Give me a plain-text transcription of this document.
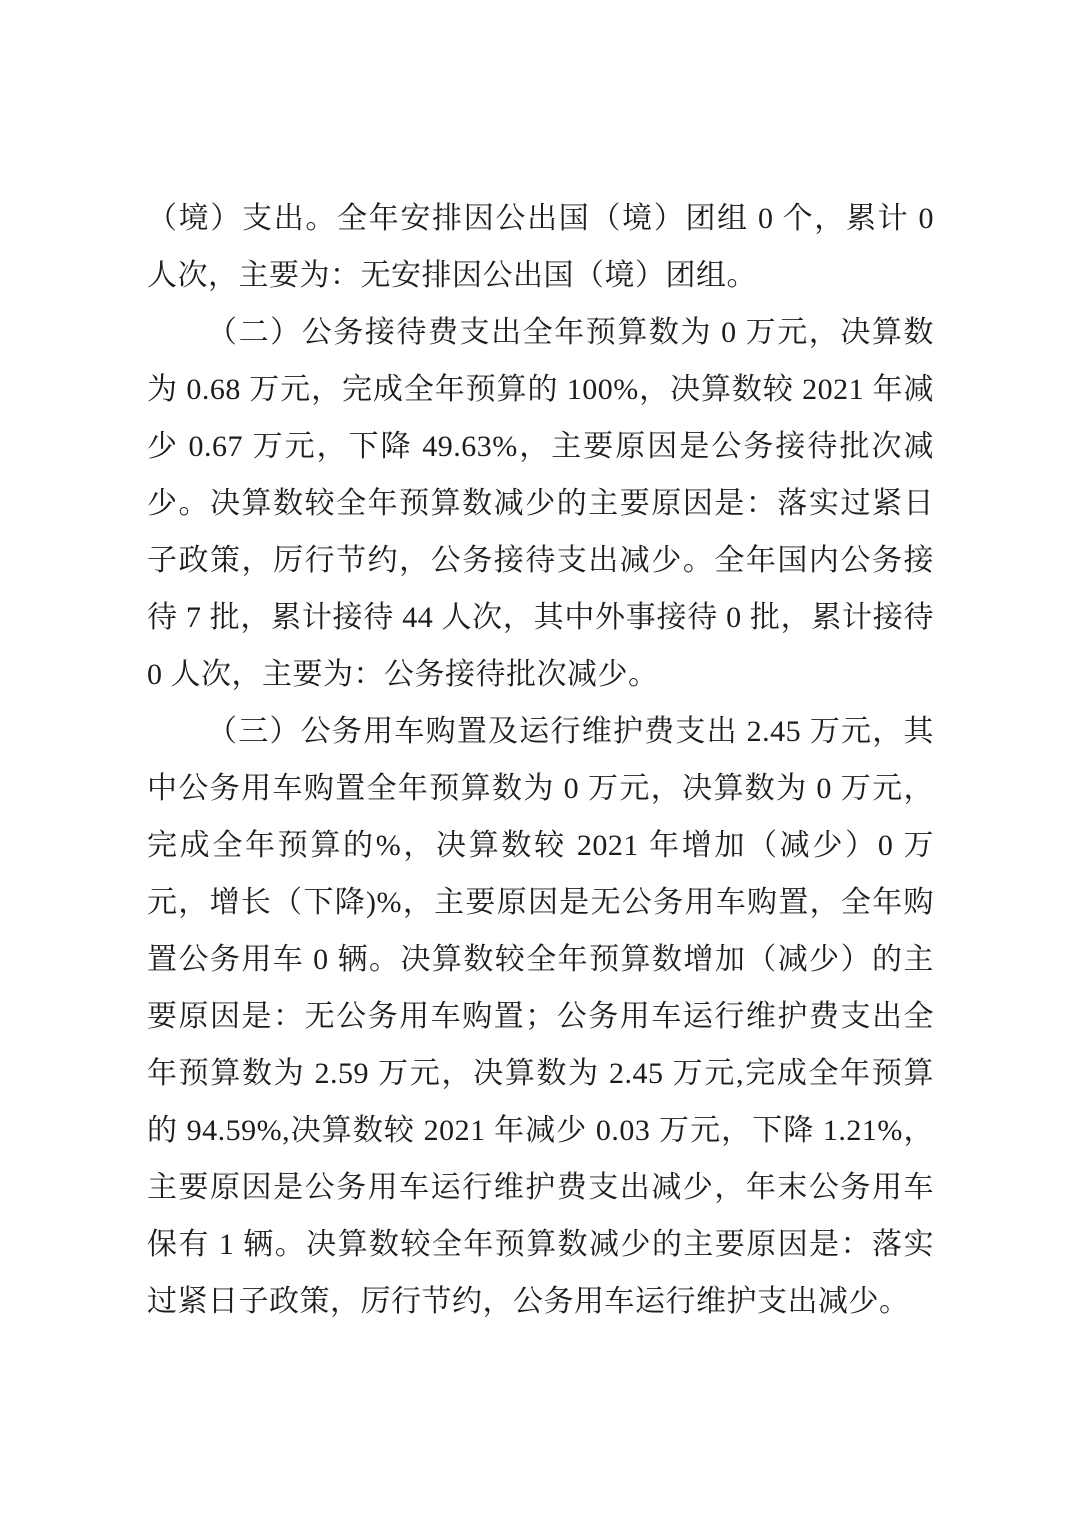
（境）支出。全年安排因公出国（境）团组 0 个，累计 0 人次，主要为：无安排因公出国（境）团组。

（二）公务接待费支出全年预算数为 0 万元，决算数为 0.68 万元，完成全年预算的 100%，决算数较 2021 年减少 0.67 万元，下降 49.63%，主要原因是公务接待批次减少。决算数较全年预算数减少的主要原因是：落实过紧日子政策，厉行节约，公务接待支出减少。全年国内公务接待 7 批，累计接待 44 人次，其中外事接待 0 批，累计接待 0 人次，主要为：公务接待批次减少。

（三）公务用车购置及运行维护费支出 2.45 万元，其中公务用车购置全年预算数为 0 万元，决算数为 0 万元，完成全年预算的%，决算数较 2021 年增加（减少）0 万元，增长（下降)%，主要原因是无公务用车购置，全年购置公务用车 0 辆。决算数较全年预算数增加（减少）的主要原因是：无公务用车购置；公务用车运行维护费支出全年预算数为 2.59 万元，决算数为 2.45 万元,完成全年预算的 94.59%,决算数较 2021 年减少 0.03 万元，下降 1.21%，主要原因是公务用车运行维护费支出减少，年末公务用车保有 1 辆。决算数较全年预算数减少的主要原因是：落实过紧日子政策，厉行节约，公务用车运行维护支出减少。
